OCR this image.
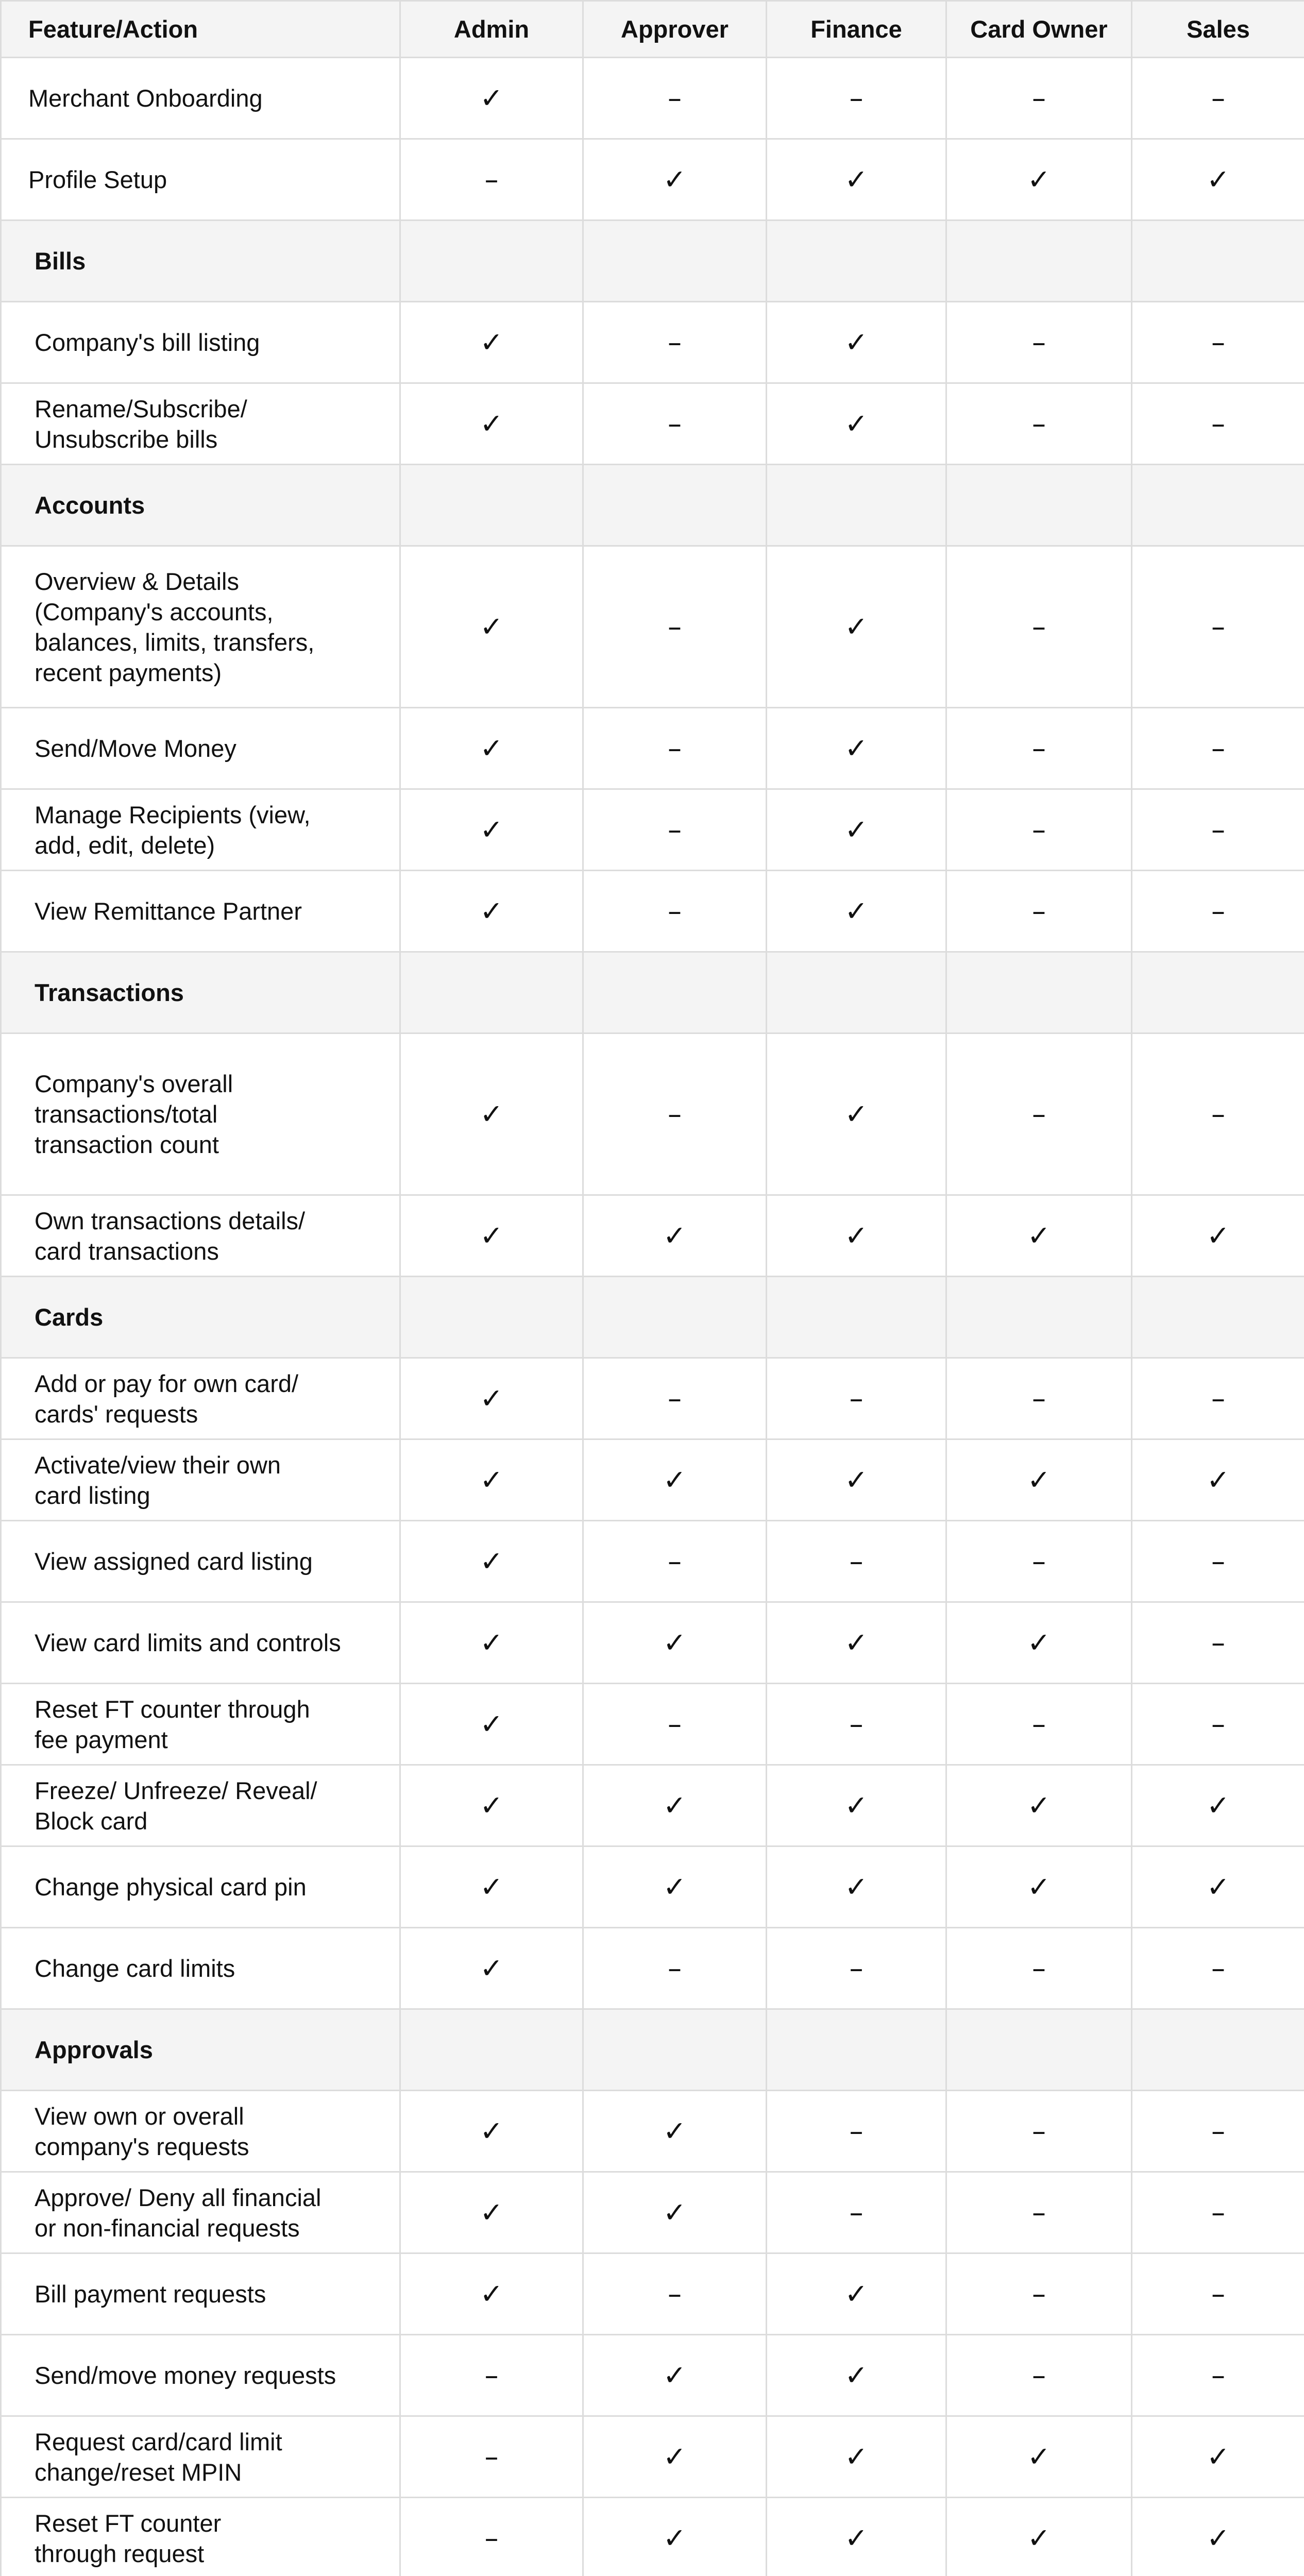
Feature/Action	Admin	Approver	Finance	Card Owner	Sales

Merchant Onboarding	✓	–	–	–	–

Profile Setup	–	✓	✓	✓	✓

Bills					

Company's bill listing	✓	–	✓	–	–

Rename/Subscribe/
Unsubscribe bills	✓	–	✓	–	–

Accounts					

Overview & Details
(Company's accounts,
balances, limits, transfers,
recent payments)	✓	–	✓	–	–

Send/Move Money	✓	–	✓	–	–

Manage Recipients (view,
add, edit, delete)	✓	–	✓	–	–

View Remittance Partner	✓	–	✓	–	–

Transactions					

Company's overall
transactions/total
transaction count	✓	–	✓	–	–

Own transactions details/
card transactions	✓	✓	✓	✓	✓

Cards					

Add or pay for own card/
cards' requests	✓	–	–	–	–

Activate/view their own
card listing	✓	✓	✓	✓	✓

View assigned card listing	✓	–	–	–	–

View card limits and controls	✓	✓	✓	✓	–

Reset FT counter through
fee payment	✓	–	–	–	–

Freeze/ Unfreeze/ Reveal/
Block card	✓	✓	✓	✓	✓

Change physical card pin	✓	✓	✓	✓	✓

Change card limits	✓	–	–	–	–

Approvals					

View own or overall
company's requests	✓	✓	–	–	–

Approve/ Deny all financial
or non-financial requests	✓	✓	–	–	–

Bill payment requests	✓	–	✓	–	–

Send/move money requests	–	✓	✓	–	–

Request card/card limit
change/reset MPIN	–	✓	✓	✓	✓

Reset FT counter
through request	–	✓	✓	✓	✓
